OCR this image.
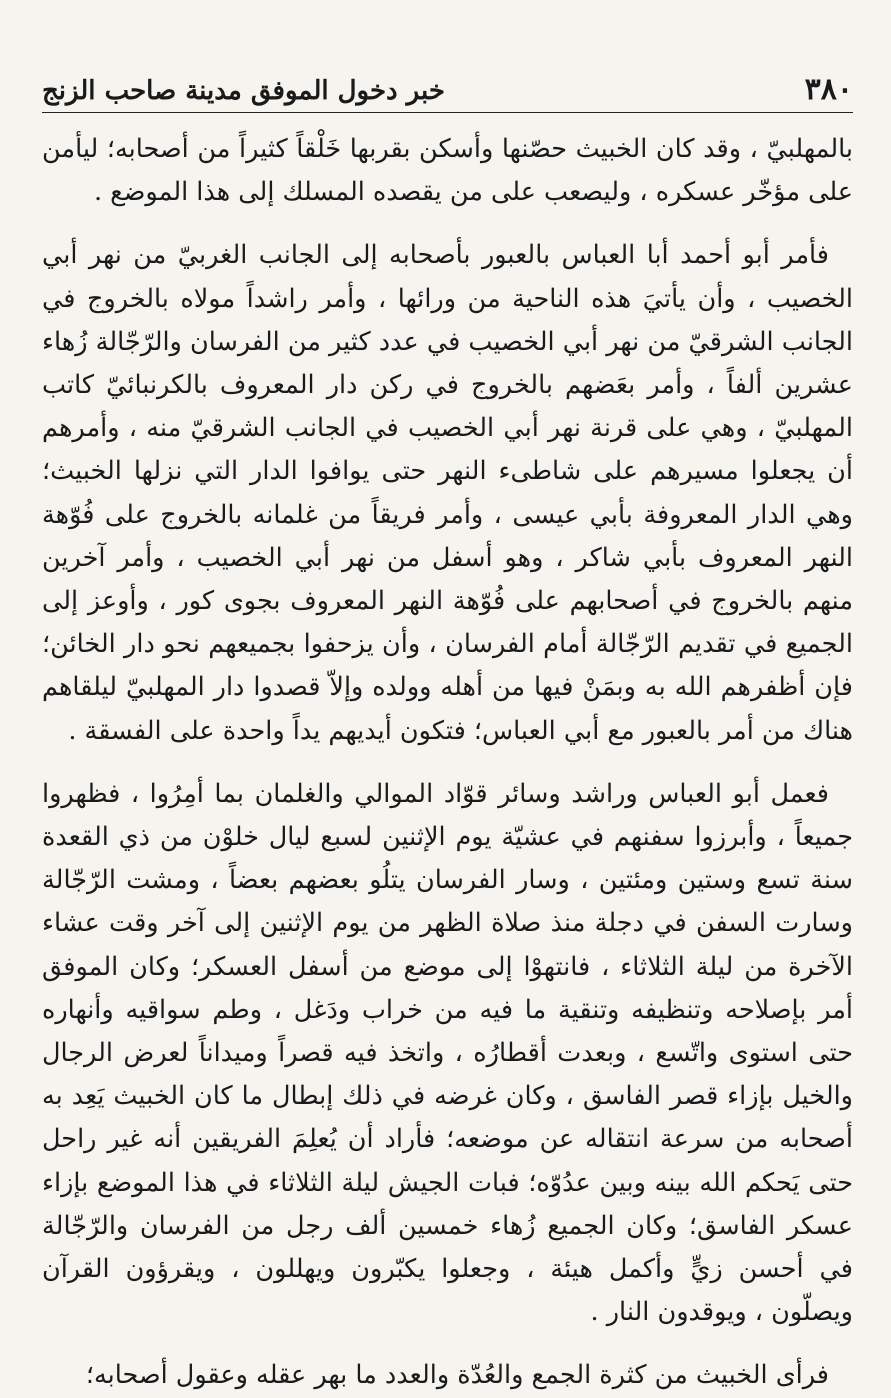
٣٨٠
خبر دخول الموفق مدينة صاحب الزنج

بالمهلبيّ ، وقد كان الخبيث حصّنها وأسكن بقربها خَلْقاً كثيراً من أصحابه؛ ليأمن على مؤخّر عسكره ، وليصعب على من يقصده المسلك إلى هذا الموضع .

فأمر أبو أحمد أبا العباس بالعبور بأصحابه إلى الجانب الغربيّ من نهر أبي الخصيب ، وأن يأتيَ هذه الناحية من ورائها ، وأمر راشداً مولاه بالخروج في الجانب الشرقيّ من نهر أبي الخصيب في عدد كثير من الفرسان والرّجّالة زُهاء عشرين ألفاً ، وأمر بعَضهم بالخروج في ركن دار المعروف بالكرنبائيّ كاتب المهلبيّ ، وهي على قرنة نهر أبي الخصيب في الجانب الشرقيّ منه ، وأمرهم أن يجعلوا مسيرهم على شاطىء النهر حتى يوافوا الدار التي نزلها الخبيث؛ وهي الدار المعروفة بأبي عيسى ، وأمر فريقاً من غلمانه بالخروج على فُوّهة النهر المعروف بأبي شاكر ، وهو أسفل من نهر أبي الخصيب ، وأمر آخرين منهم بالخروج في أصحابهم على فُوّهة النهر المعروف بجوى كور ، وأوعز إلى الجميع في تقديم الرّجّالة أمام الفرسان ، وأن يزحفوا بجميعهم نحو دار الخائن؛ فإن أظفرهم الله به وبمَنْ فيها من أهله وولده وإلاّ قصدوا دار المهلبيّ ليلقاهم هناك من أمر بالعبور مع أبي العباس؛ فتكون أيديهم يداً واحدة على الفسقة .

فعمل أبو العباس وراشد وسائر قوّاد الموالي والغلمان بما أمِرُوا ، فظهروا جميعاً ، وأبرزوا سفنهم في عشيّة يوم الإثنين لسبع ليال خلوْن من ذي القعدة سنة تسع وستين ومئتين ، وسار الفرسان يتلُو بعضهم بعضاً ، ومشت الرّجّالة وسارت السفن في دجلة منذ صلاة الظهر من يوم الإثنين إلى آخر وقت عشاء الآخرة من ليلة الثلاثاء ، فانتهوْا إلى موضع من أسفل العسكر؛ وكان الموفق أمر بإصلاحه وتنظيفه وتنقية ما فيه من خراب ودَغل ، وطم سواقيه وأنهاره حتى استوى واتّسع ، وبعدت أقطارُه ، واتخذ فيه قصراً وميداناً لعرض الرجال والخيل بإزاء قصر الفاسق ، وكان غرضه في ذلك إبطال ما كان الخبيث يَعِد به أصحابه من سرعة انتقاله عن موضعه؛ فأراد أن يُعلِمَ الفريقين أنه غير راحل حتى يَحكم الله بينه وبين عدُوّه؛ فبات الجيش ليلة الثلاثاء في هذا الموضع بإزاء عسكر الفاسق؛ وكان الجميع زُهاء خمسين ألف رجل من الفرسان والرّجّالة في أحسن زيٍّ وأكمل هيئة ، وجعلوا يكبّرون ويهللون ، ويقرؤون القرآن ويصلّون ، ويوقدون النار .

فرأى الخبيث من كثرة الجمع والعُدّة والعدد ما بهر عقله وعقول أصحابه؛
